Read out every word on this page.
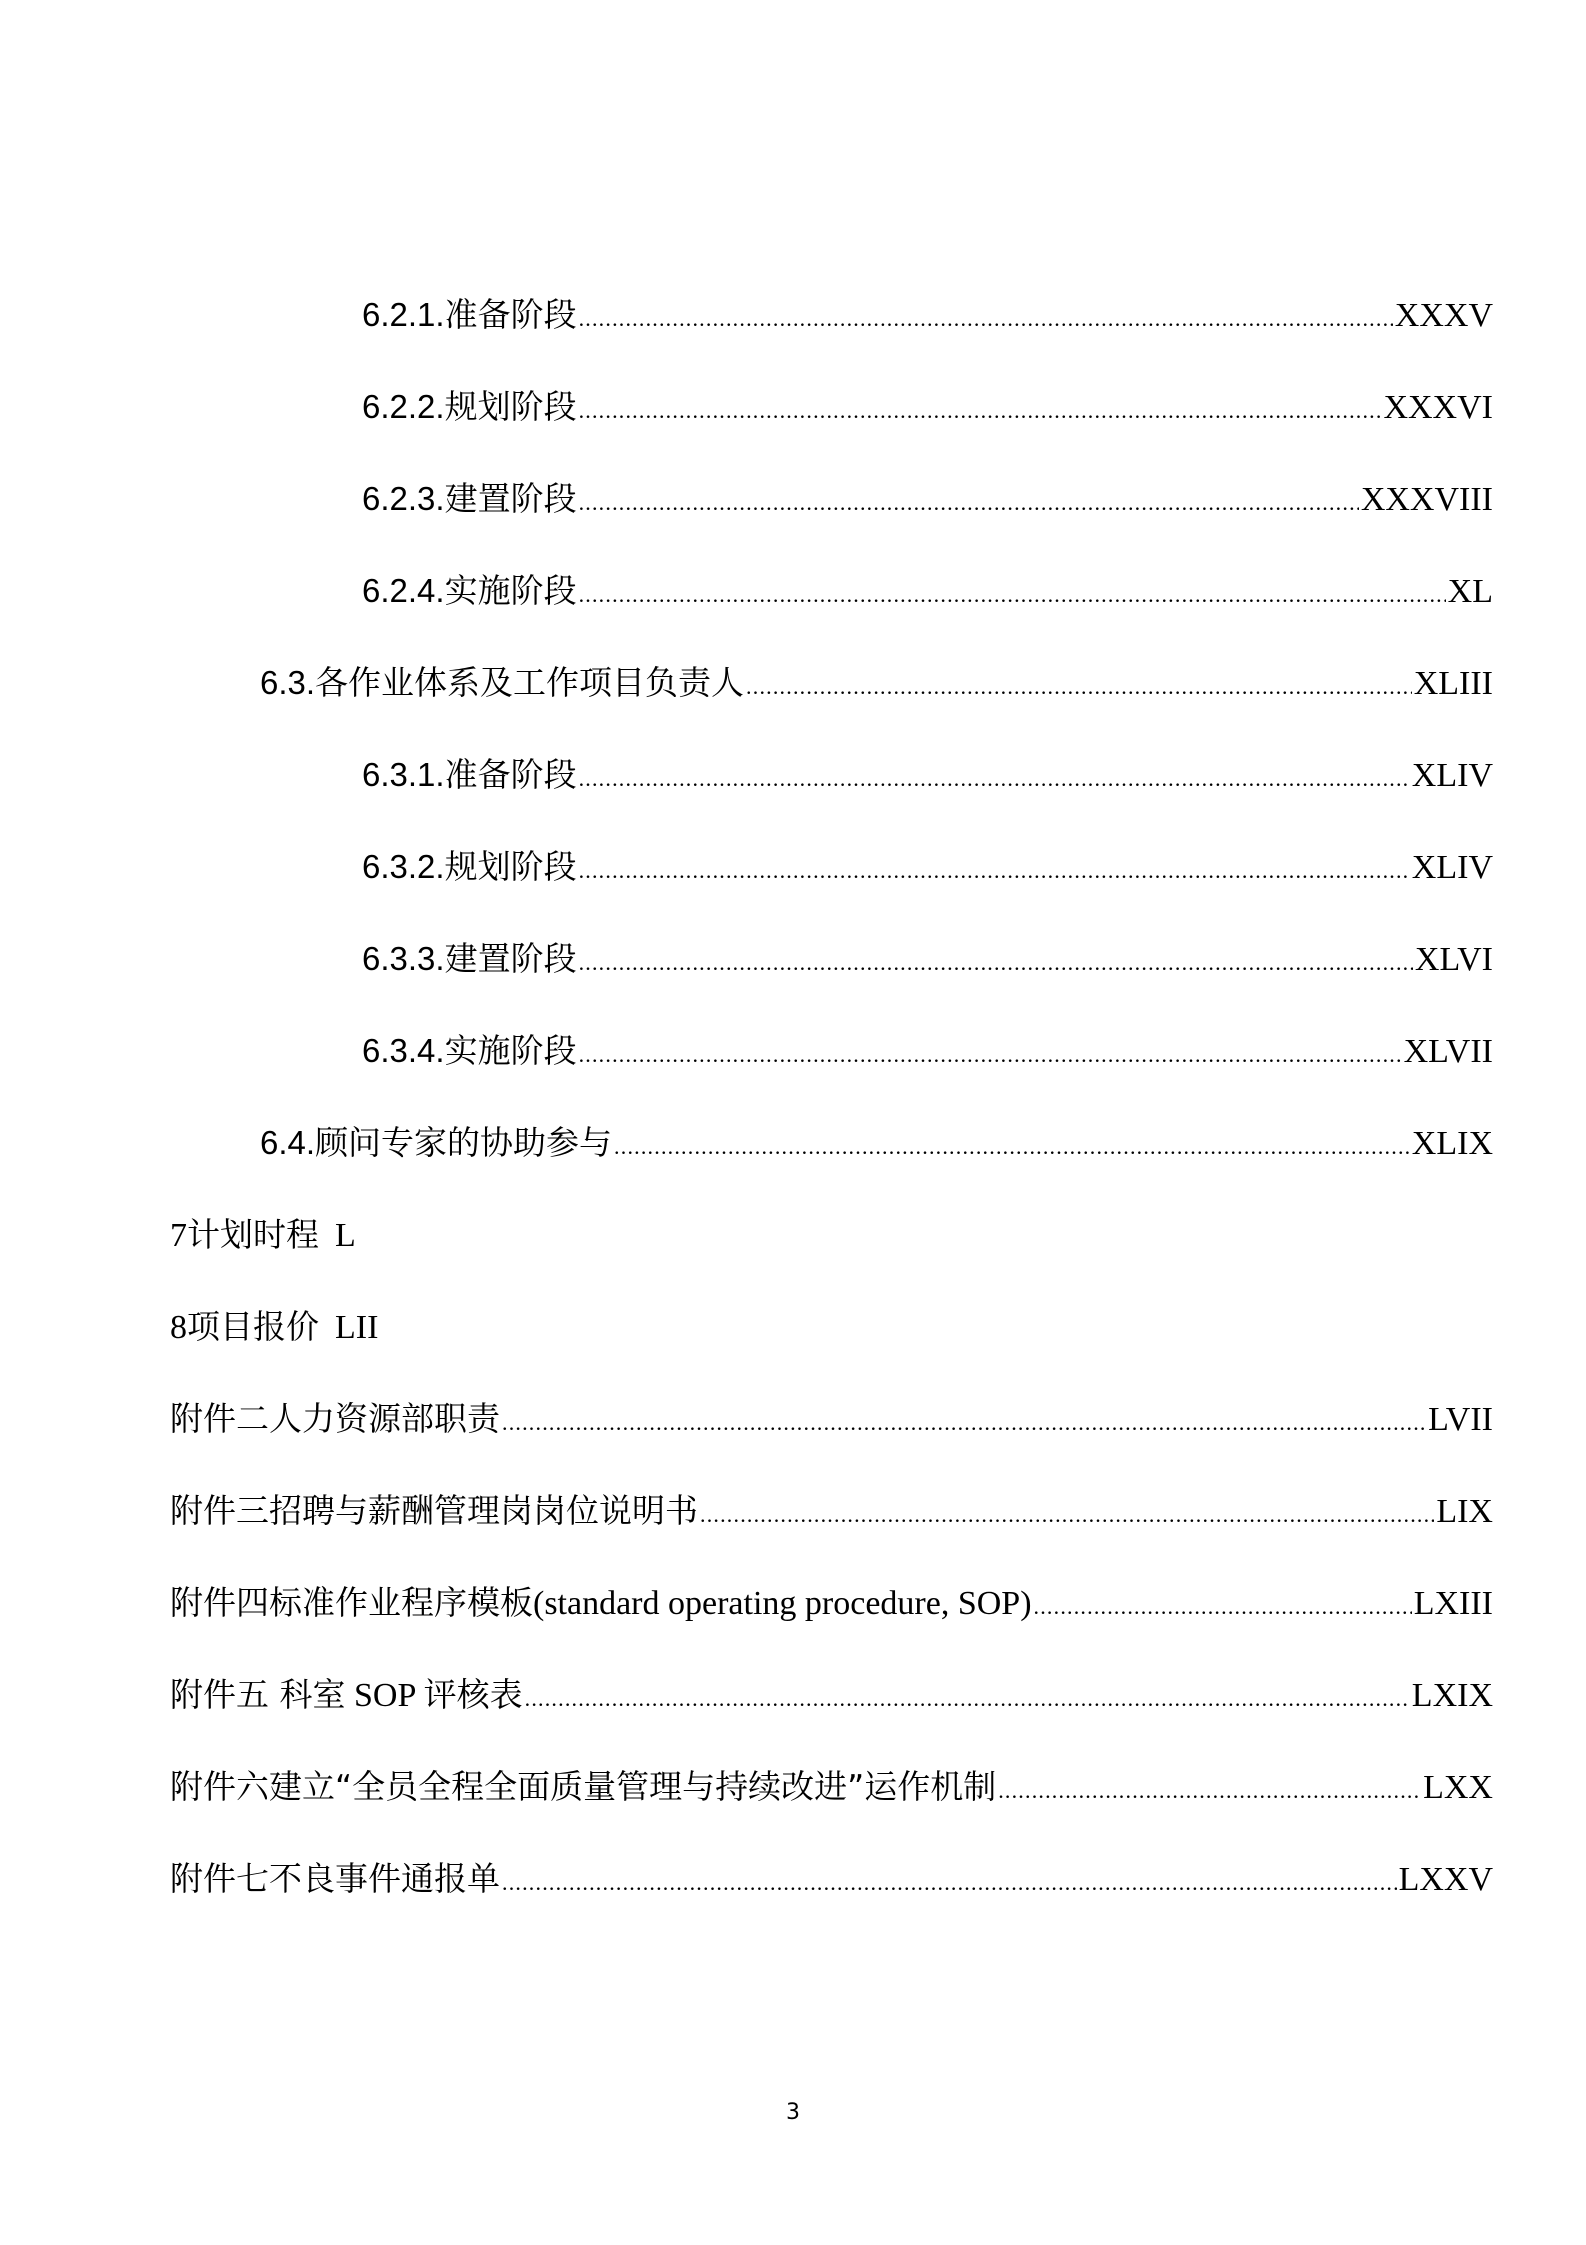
6.2.1.准备阶段 .....	XXXV
6.2.2.规划阶段 .....	XXXVI
6.2.3.建置阶段 .....	XXXVIII
6.2.4.实施阶段 .....	XL
6.3.各作业体系及工作项目负责人 .....	XLIII
6.3.1.准备阶段 .....	XLIV
6.3.2.规划阶段 .....	XLIV
6.3.3.建置阶段 .....	XLVI
6.3.4.实施阶段 .....	XLVII
6.4.顾问专家的协助参与 .....	XLIX
7计划时程 L
8项目报价 LII
附件二人力资源部职责 .....	LVII
附件三招聘与薪酬管理岗岗位说明书 .....	LIX
附件四标准作业程序模板(standard operating procedure, SOP) .....	LXIII
附件五 科室 SOP 评核表 .....	LXIX
附件六建立“全员全程全面质量管理与持续改进”运作机制 .....	LXX
附件七不良事件通报单 .....	LXXV
3
